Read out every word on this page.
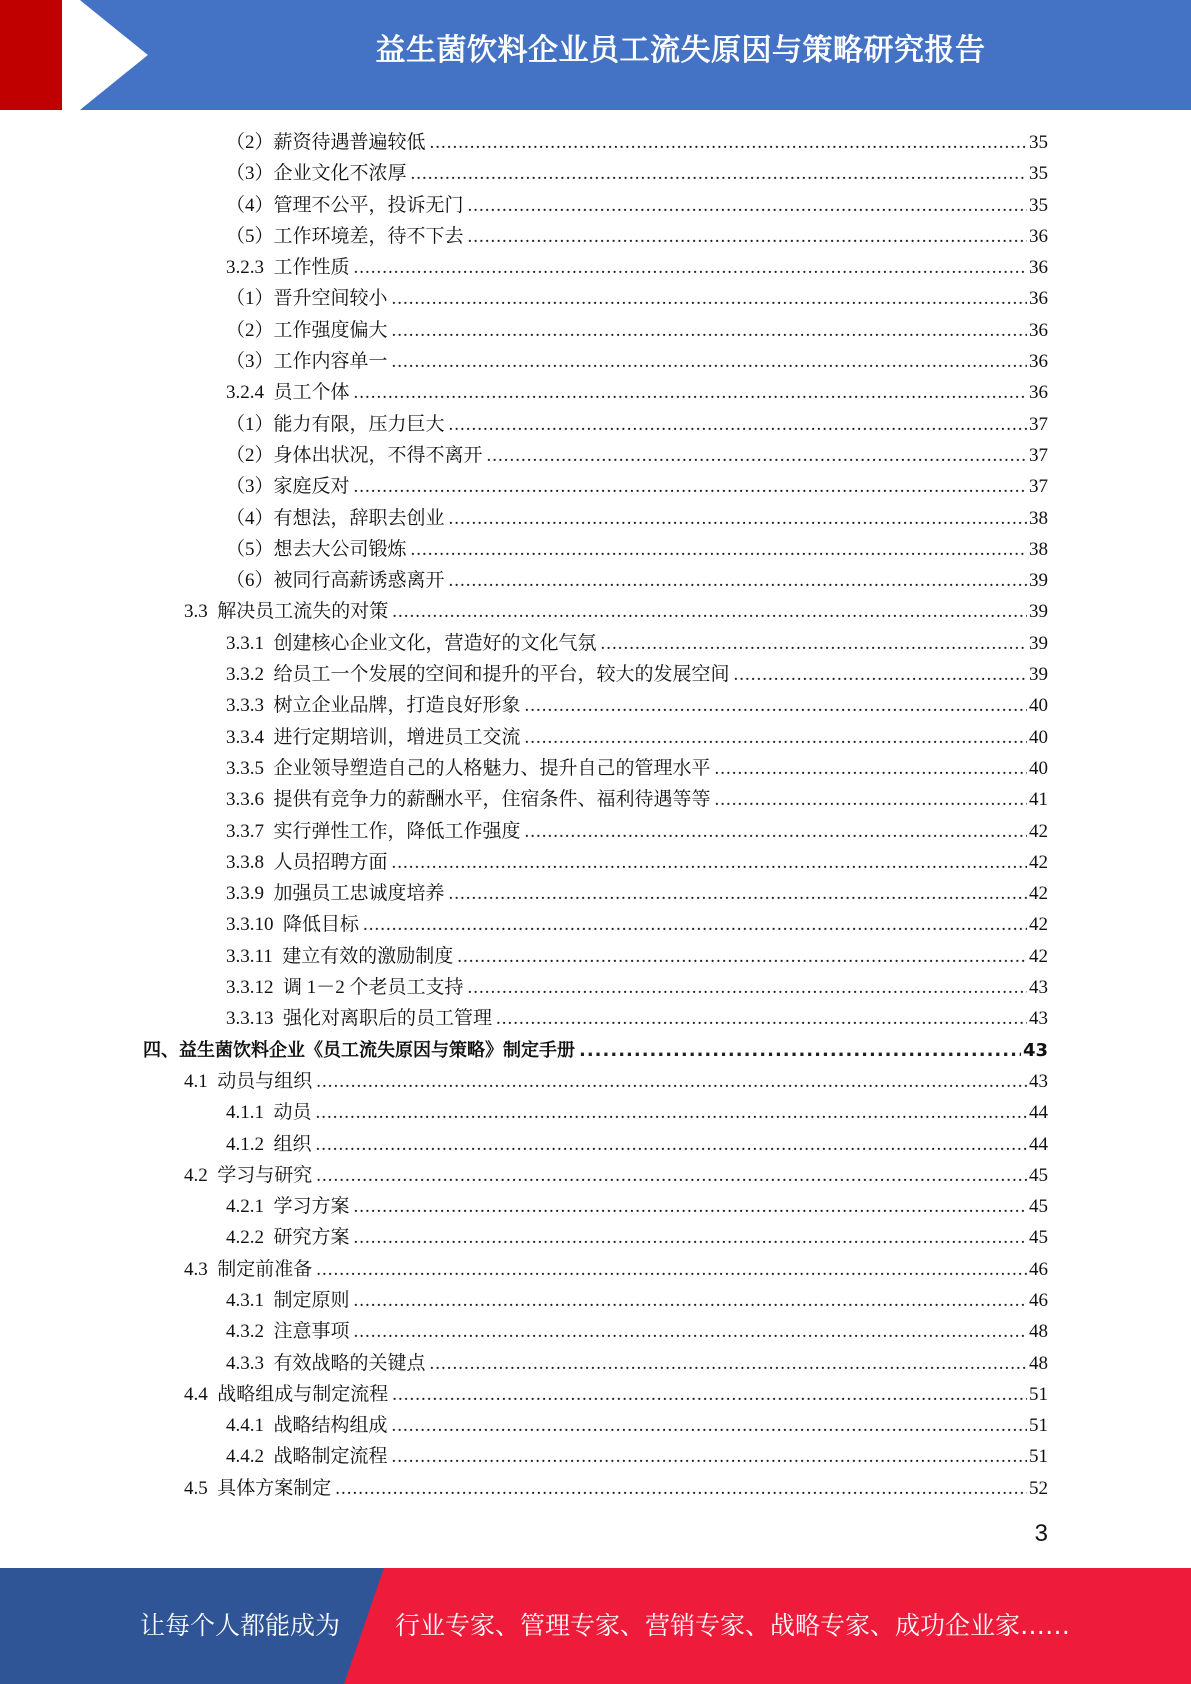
益生菌饮料企业员工流失原因与策略研究报告
（2）薪资待遇普遍较低 .....	35
（3）企业文化不浓厚 .....	35
（4）管理不公平，投诉无门 .....	35
（5）工作环境差，待不下去 .....	36
3.2.3  工作性质 .....	36
（1）晋升空间较小 .....	36
（2）工作强度偏大 .....	36
（3）工作内容单一 .....	36
3.2.4  员工个体 .....	36
（1）能力有限，压力巨大 .....	37
（2）身体出状况，不得不离开 .....	37
（3）家庭反对 .....	37
（4）有想法，辞职去创业 .....	38
（5）想去大公司锻炼 .....	38
（6）被同行高薪诱惑离开 .....	39
3.3  解决员工流失的对策 .....	39
3.3.1  创建核心企业文化，营造好的文化气氛 .....	39
3.3.2  给员工一个发展的空间和提升的平台，较大的发展空间 .....	39
3.3.3  树立企业品牌，打造良好形象 .....	40
3.3.4  进行定期培训，增进员工交流 .....	40
3.3.5  企业领导塑造自己的人格魅力、提升自己的管理水平 .....	40
3.3.6  提供有竞争力的薪酬水平，住宿条件、福利待遇等等 .....	41
3.3.7  实行弹性工作，降低工作强度 .....	42
3.3.8  人员招聘方面 .....	42
3.3.9  加强员工忠诚度培养 .....	42
3.3.10  降低目标 .....	42
3.3.11  建立有效的激励制度 .....	42
3.3.12  调 1－2 个老员工支持 .....	43
3.3.13  强化对离职后的员工管理 .....	43
四、益生菌饮料企业《员工流失原因与策略》制定手册 .....	43
4.1  动员与组织 .....	43
4.1.1  动员 .....	44
4.1.2  组织 .....	44
4.2  学习与研究 .....	45
4.2.1  学习方案 .....	45
4.2.2  研究方案 .....	45
4.3  制定前准备 .....	46
4.3.1  制定原则 .....	46
4.3.2  注意事项 .....	48
4.3.3  有效战略的关键点 .....	48
4.4  战略组成与制定流程 .....	51
4.4.1  战略结构组成 .....	51
4.4.2  战略制定流程 .....	51
4.5  具体方案制定 .....	52
3
让每个人都能成为 行业专家、管理专家、营销专家、战略专家、成功企业家……
